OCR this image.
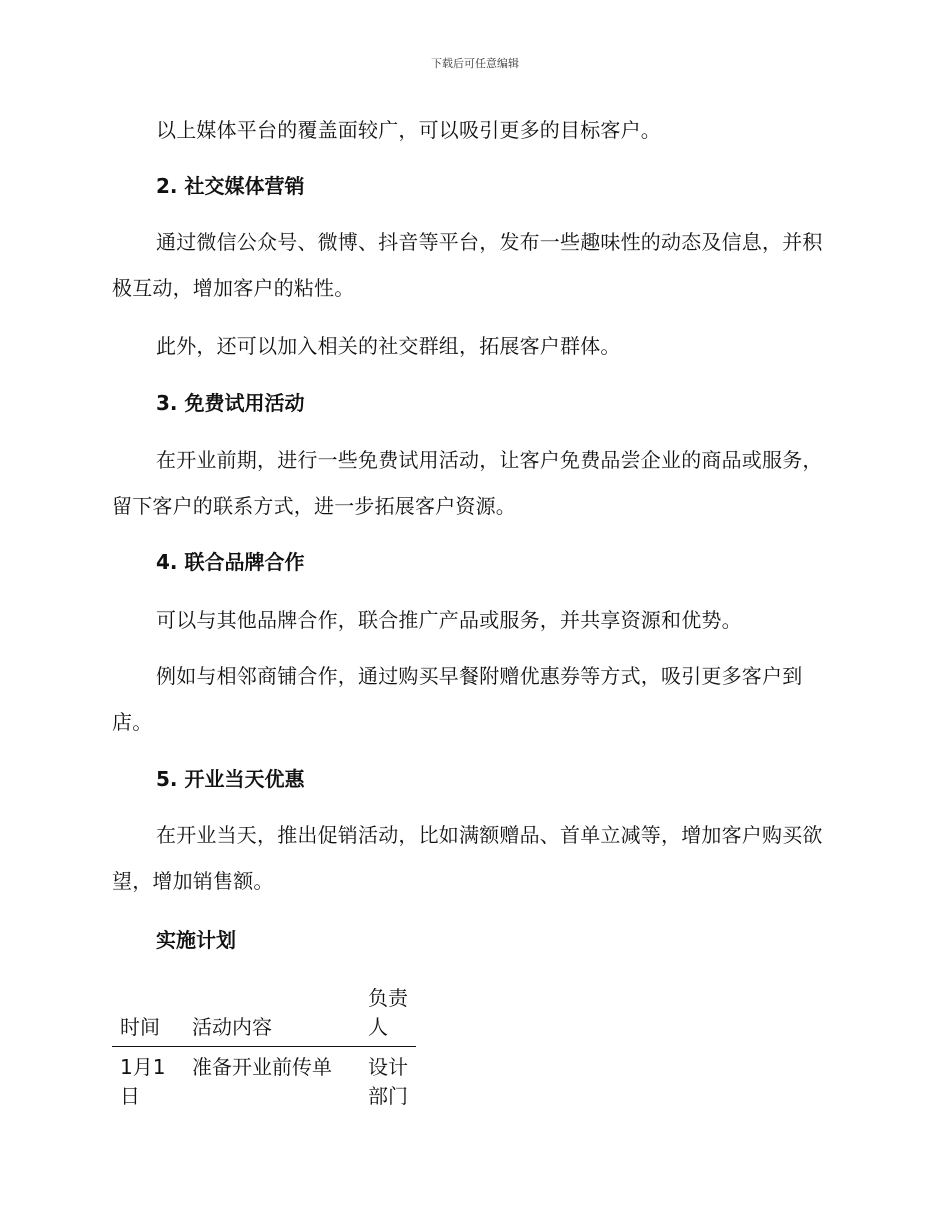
下载后可任意编辑

以上媒体平台的覆盖面较广，可以吸引更多的目标客户。

2. 社交媒体营销

通过微信公众号、微博、抖音等平台，发布一些趣味性的动态及信息，并积极互动，增加客户的粘性。

此外，还可以加入相关的社交群组，拓展客户群体。

3. 免费试用活动

在开业前期，进行一些免费试用活动，让客户免费品尝企业的商品或服务，留下客户的联系方式，进一步拓展客户资源。

4. 联合品牌合作

可以与其他品牌合作，联合推广产品或服务，并共享资源和优势。

例如与相邻商铺合作，通过购买早餐附赠优惠券等方式，吸引更多客户到店。

5. 开业当天优惠

在开业当天，推出促销活动，比如满额赠品、首单立减等，增加客户购买欲望，增加销售额。

实施计划
时间	活动内容	负责人
1月1日	准备开业前传单	设计部门
